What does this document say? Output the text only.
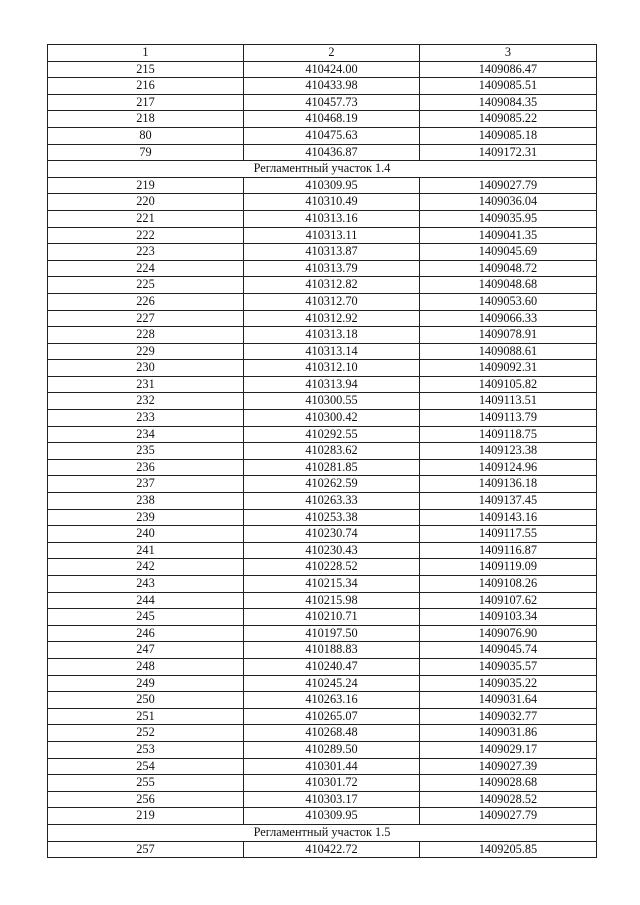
1	2	3
215	410424.00	1409086.47
216	410433.98	1409085.51
217	410457.73	1409084.35
218	410468.19	1409085.22
80	410475.63	1409085.18
79	410436.87	1409172.31
Регламентный участок 1.4		
219	410309.95	1409027.79
220	410310.49	1409036.04
221	410313.16	1409035.95
222	410313.11	1409041.35
223	410313.87	1409045.69
224	410313.79	1409048.72
225	410312.82	1409048.68
226	410312.70	1409053.60
227	410312.92	1409066.33
228	410313.18	1409078.91
229	410313.14	1409088.61
230	410312.10	1409092.31
231	410313.94	1409105.82
232	410300.55	1409113.51
233	410300.42	1409113.79
234	410292.55	1409118.75
235	410283.62	1409123.38
236	410281.85	1409124.96
237	410262.59	1409136.18
238	410263.33	1409137.45
239	410253.38	1409143.16
240	410230.74	1409117.55
241	410230.43	1409116.87
242	410228.52	1409119.09
243	410215.34	1409108.26
244	410215.98	1409107.62
245	410210.71	1409103.34
246	410197.50	1409076.90
247	410188.83	1409045.74
248	410240.47	1409035.57
249	410245.24	1409035.22
250	410263.16	1409031.64
251	410265.07	1409032.77
252	410268.48	1409031.86
253	410289.50	1409029.17
254	410301.44	1409027.39
255	410301.72	1409028.68
256	410303.17	1409028.52
219	410309.95	1409027.79
Регламентный участок 1.5		
257	410422.72	1409205.85
